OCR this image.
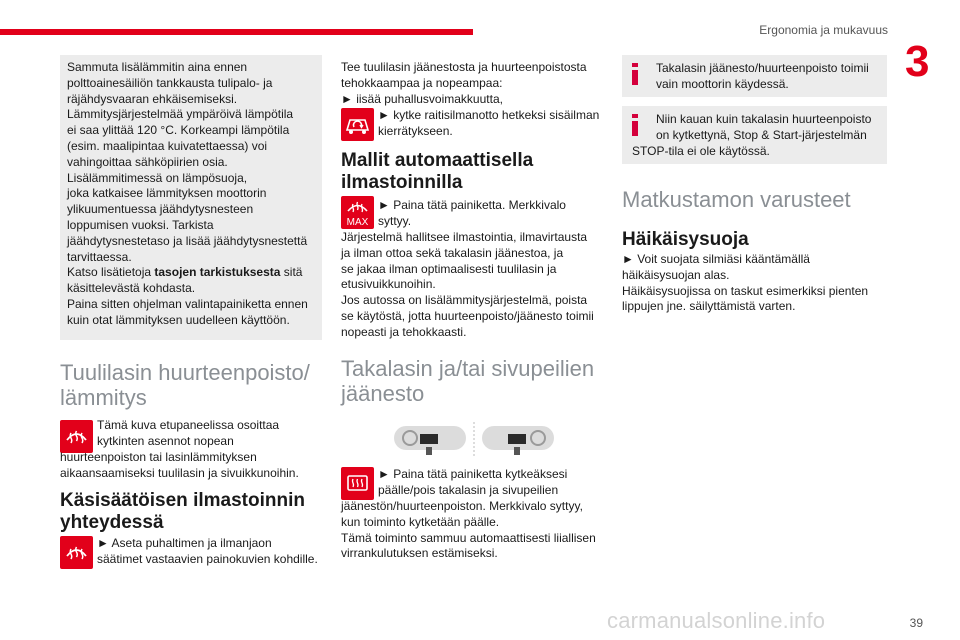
Ergonomia ja mukavuus
3

Sammuta lisälämmitin aina ennen

polttoainesäiliön tankkausta tulipalo- ja

räjähdysvaaran ehkäisemiseksi.

Lämmitysjärjestelmää ympäröivä lämpötila

ei saa ylittää 120 °C. Korkeampi lämpötila

(esim. maalipintaa kuivatettaessa) voi

vahingoittaa sähköpiirien osia.

Lisälämmitimessä on lämpösuoja,

joka katkaisee lämmityksen moottorin

ylikuumentuessa jäähdytysnesteen

loppumisen vuoksi. Tarkista

jäähdytysnestetaso ja lisää jäähdytysnestettä

tarvittaessa.

Katso lisätietoja tasojen tarkistuksesta sitä

käsittelevästä kohdasta.

Paina sitten ohjelman valintapainiketta ennen

kuin otat lämmityksen uudelleen käyttöön.

Tuulilasin huurteenpoisto/
lämmitys

Tämä kuva etupaneelissa osoittaa

kytkinten asennot nopean

huurteenpoiston tai lasinlämmityksen

aikaansaamiseksi tuulilasin ja sivuikkunoihin.

Käsisäätöisen ilmastoinnin
yhteydessä

► Aseta puhaltimen ja ilmanjaon

säätimet vastaavien painokuvien kohdille.

Tee tuulilasin jäänestosta ja huurteenpoistosta

tehokkaampaa ja nopeampaa:

► iisää puhallusvoimakkuutta,

► kytke raitisilmanotto hetkeksi sisäilman

kierrätykseen.

Mallit automaattisella
ilmastoinnilla
MAX

► Paina tätä painiketta. Merkkivalo

syttyy.

Järjestelmä hallitsee ilmastointia, ilmavirtausta

ja ilman ottoa sekä takalasin jäänestoa, ja

se jakaa ilman optimaalisesti tuulilasin ja

etusivuikkunoihin.

Jos autossa on lisälämmitysjärjestelmä, poista

se käytöstä, jotta huurteenpoisto/jäänesto toimii

nopeasti ja tehokkaasti.

Takalasin ja/tai sivupeilien
jäänesto

► Paina tätä painiketta kytkeäksesi

päälle/pois takalasin ja sivupeilien

jäänestön/huurteenpoiston. Merkkivalo syttyy,

kun toiminto kytketään päälle.

Tämä toiminto sammuu automaattisesti liiallisen

virrankulutuksen estämiseksi.

Takalasin jäänesto/huurteenpoisto toimii

vain moottorin käydessä.

Niin kauan kuin takalasin huurteenpoisto

on kytkettynä, Stop & Start-järjestelmän

STOP-tila ei ole käytössä.

Matkustamon varusteet
Häikäisysuoja

► Voit suojata silmiäsi kääntämällä

häikäisysuojan alas.

Häikäisysuojissa on taskut esimerkiksi pienten

lippujen jne. säilyttämistä varten.

carmanualsonline.info	39
